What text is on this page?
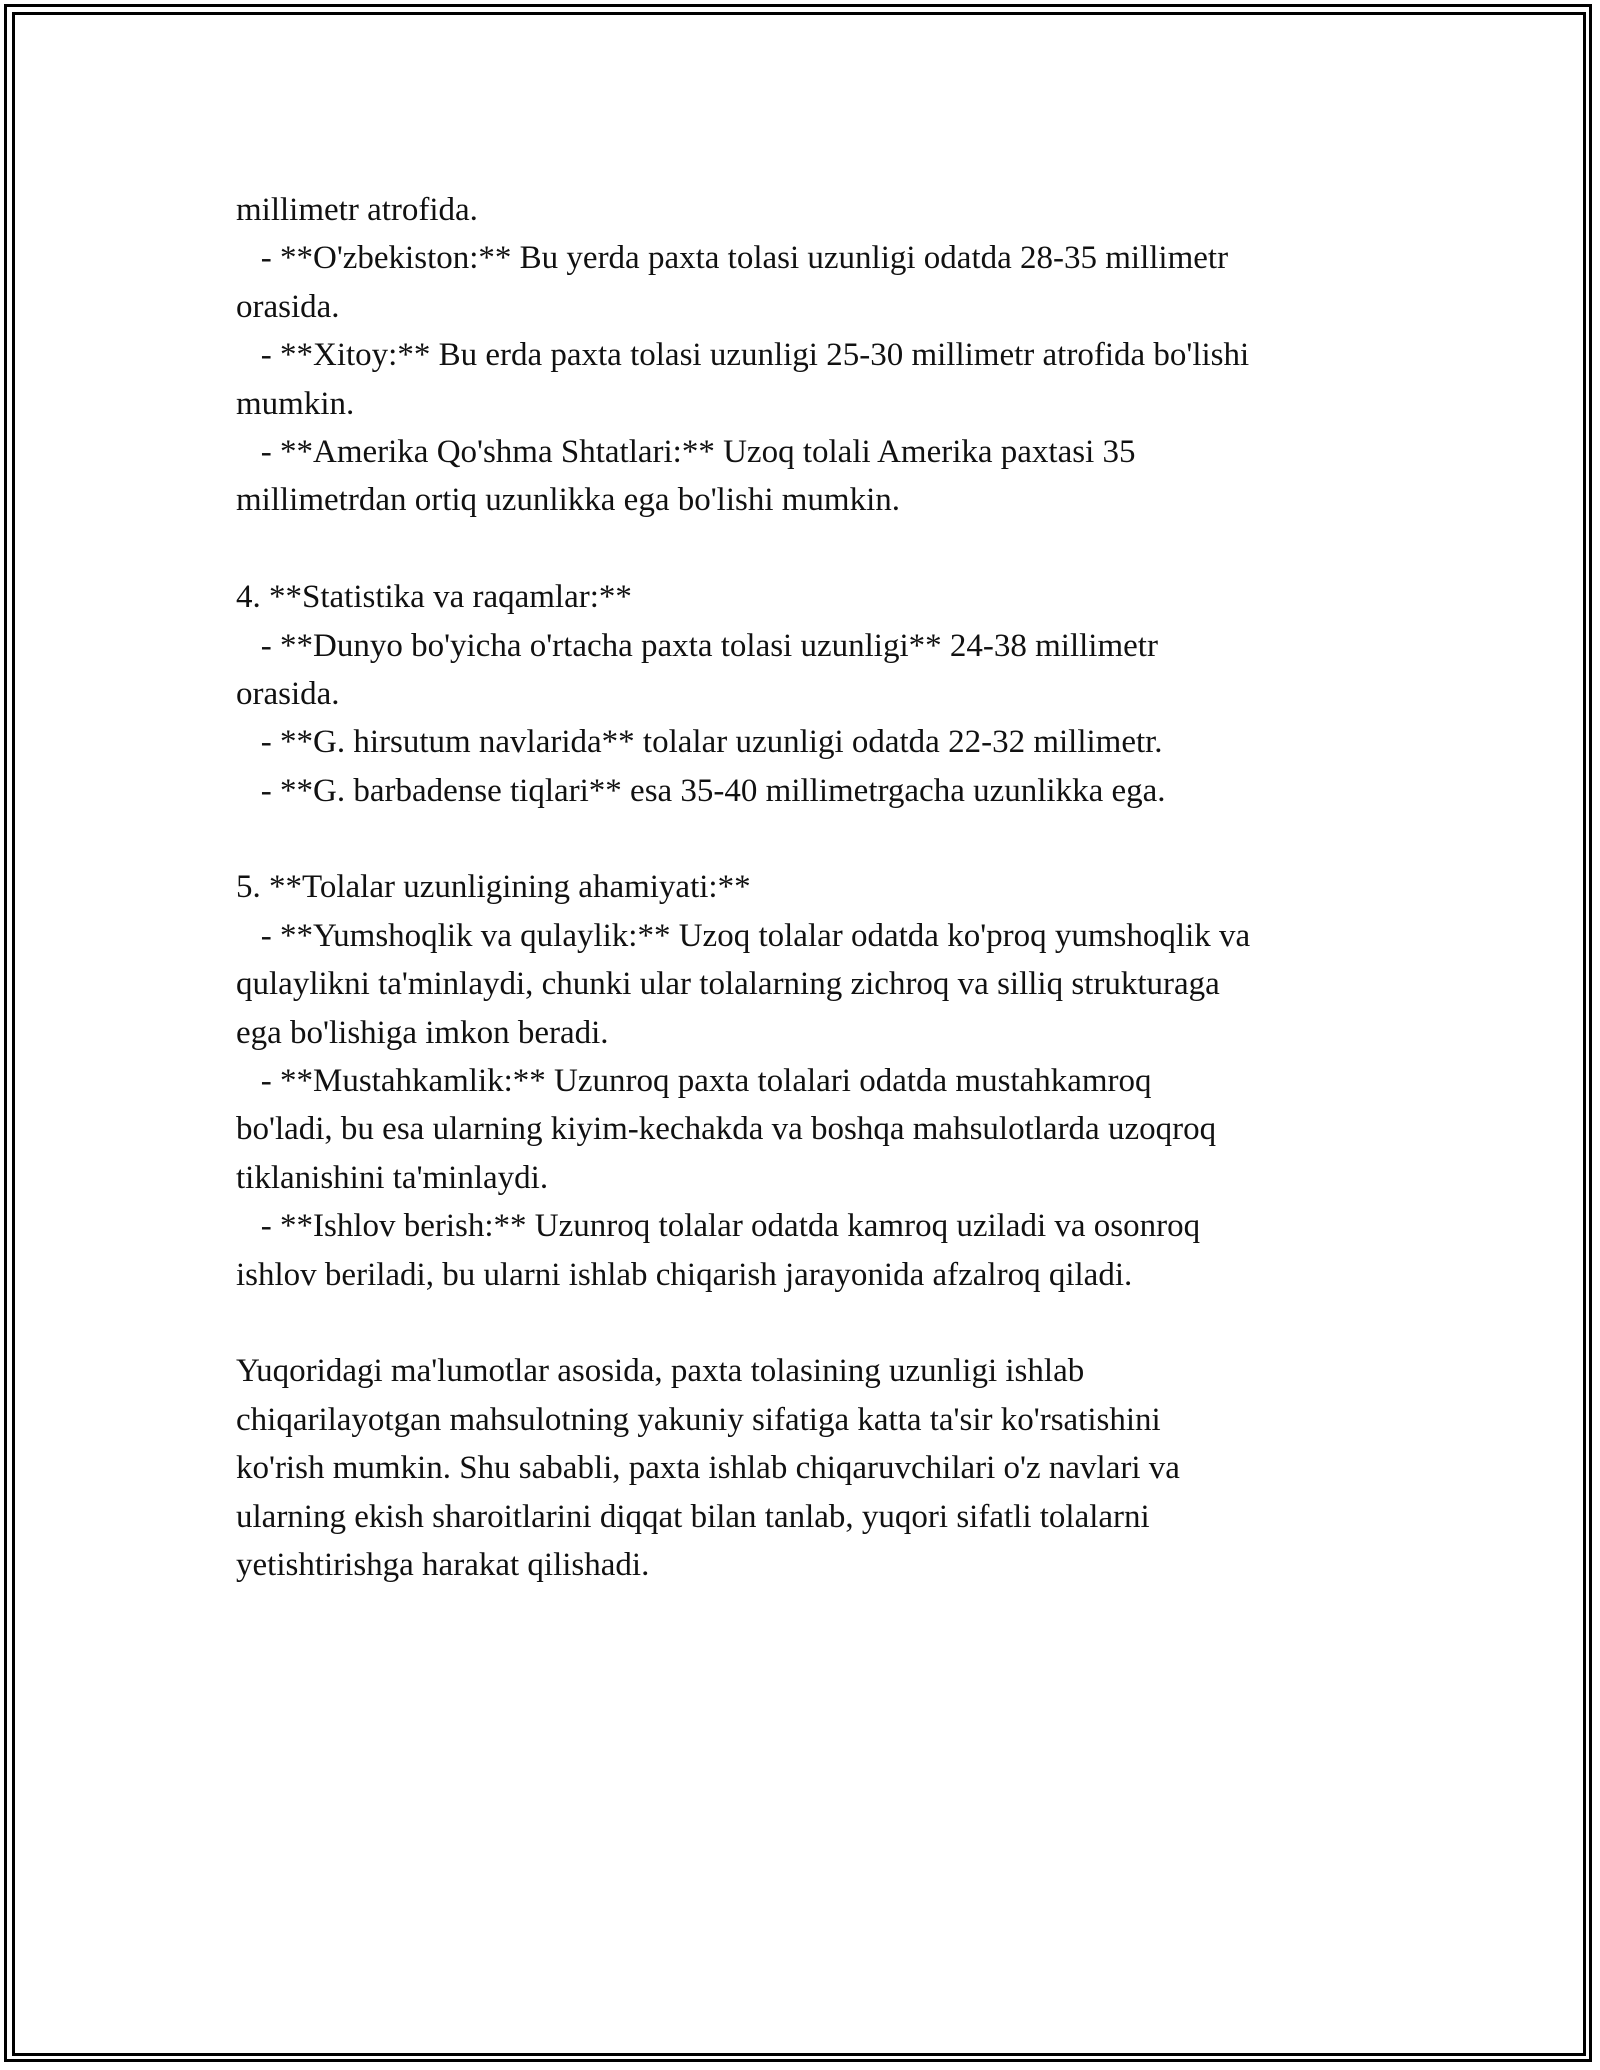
millimetr atrofida.
- **O'zbekiston:** Bu yerda paxta tolasi uzunligi odatda 28-35 millimetr
orasida.
- **Xitoy:** Bu erda paxta tolasi uzunligi 25-30 millimetr atrofida bo'lishi
mumkin.
- **Amerika Qo'shma Shtatlari:** Uzoq tolali Amerika paxtasi 35
millimetrdan ortiq uzunlikka ega bo'lishi mumkin.
4. **Statistika va raqamlar:**
- **Dunyo bo'yicha o'rtacha paxta tolasi uzunligi** 24-38 millimetr
orasida.
- **G. hirsutum navlarida** tolalar uzunligi odatda 22-32 millimetr.
- **G. barbadense tiqlari** esa 35-40 millimetrgacha uzunlikka ega.
5. **Tolalar uzunligining ahamiyati:**
- **Yumshoqlik va qulaylik:** Uzoq tolalar odatda ko'proq yumshoqlik va
qulaylikni ta'minlaydi, chunki ular tolalarning zichroq va silliq strukturaga
ega bo'lishiga imkon beradi.
- **Mustahkamlik:** Uzunroq paxta tolalari odatda mustahkamroq
bo'ladi, bu esa ularning kiyim-kechakda va boshqa mahsulotlarda uzoqroq
tiklanishini ta'minlaydi.
- **Ishlov berish:** Uzunroq tolalar odatda kamroq uziladi va osonroq
ishlov beriladi, bu ularni ishlab chiqarish jarayonida afzalroq qiladi.
Yuqoridagi ma'lumotlar asosida, paxta tolasining uzunligi ishlab
chiqarilayotgan mahsulotning yakuniy sifatiga katta ta'sir ko'rsatishini
ko'rish mumkin. Shu sababli, paxta ishlab chiqaruvchilari o'z navlari va
ularning ekish sharoitlarini diqqat bilan tanlab, yuqori sifatli tolalarni
yetishtirishga harakat qilishadi.
